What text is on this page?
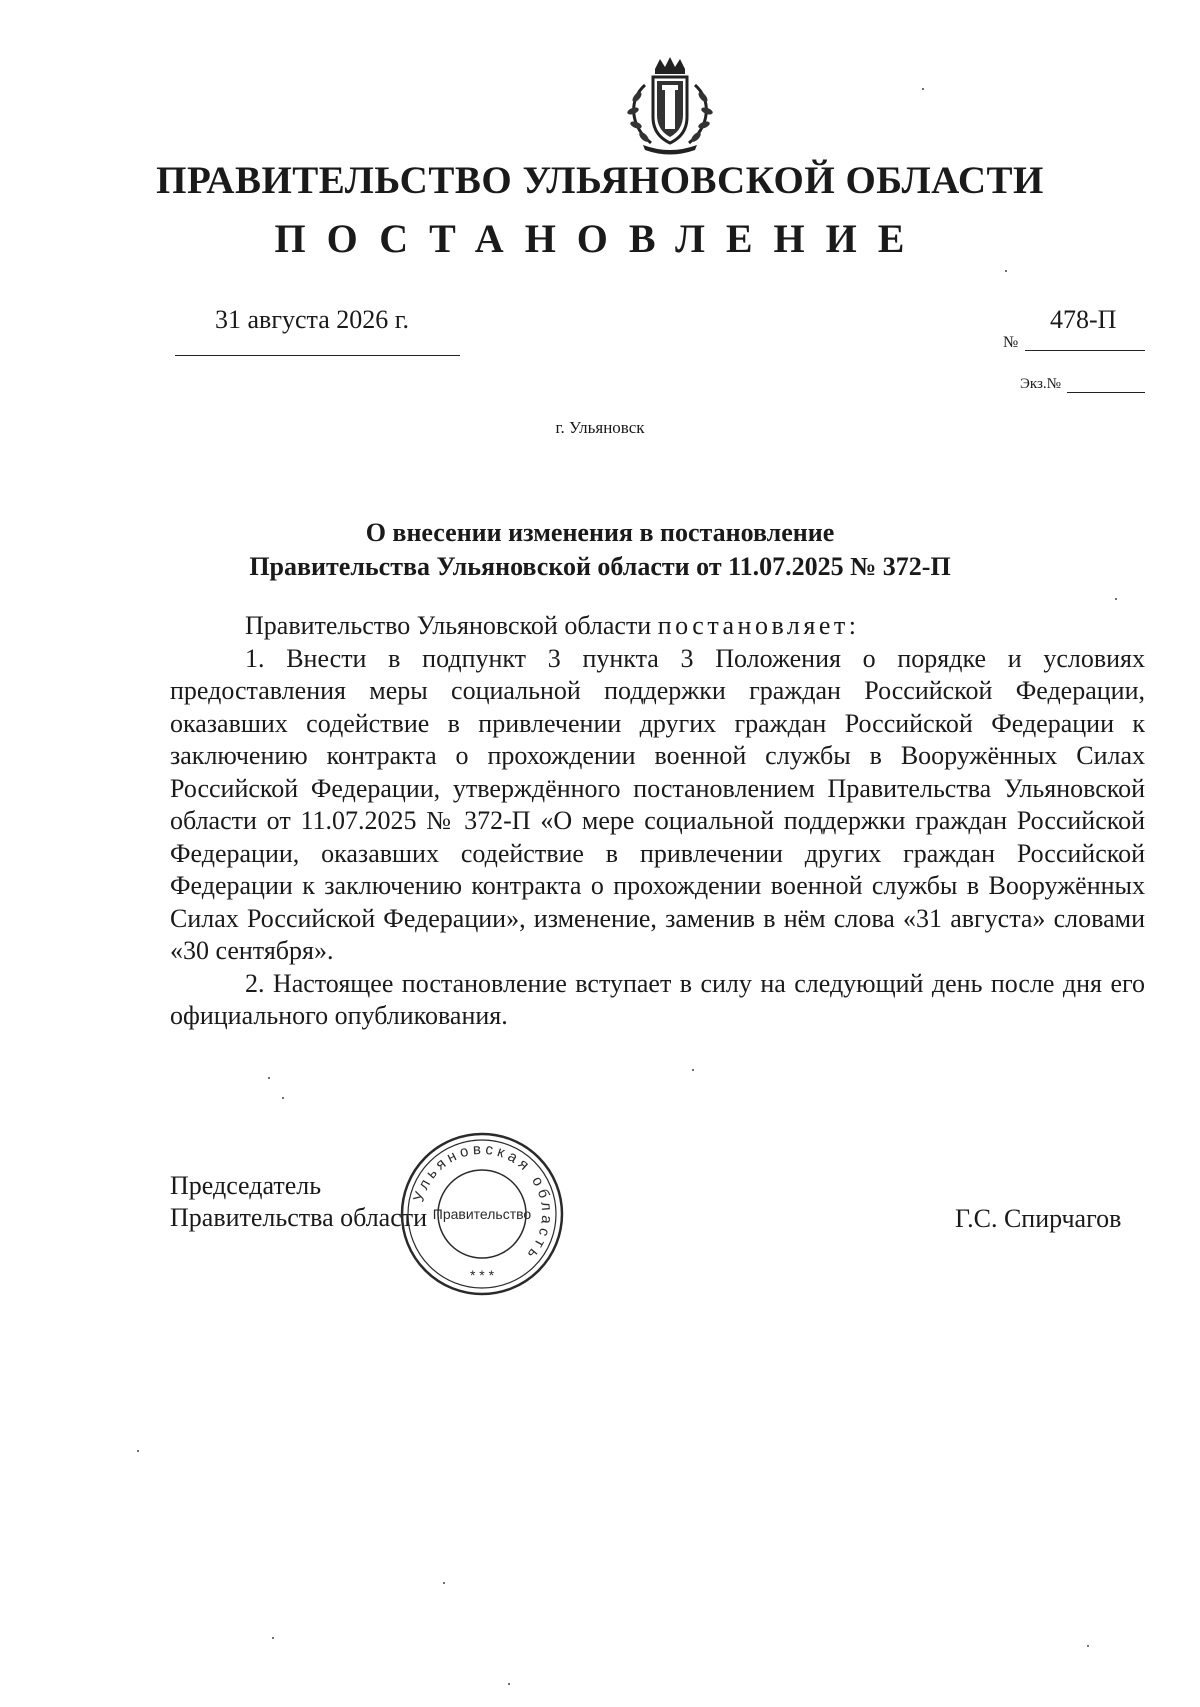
ПРАВИТЕЛЬСТВО УЛЬЯНОВСКОЙ ОБЛАСТИ
ПОСТАНОВЛЕНИЕ
31 августа 2026 г.
№
478-П
Экз.№
г. Ульяновск
О внесении изменения в постановление
Правительства Ульяновской области от 11.07.2025 № 372-П

Правительство Ульяновской области постановляет:

1. Внести в подпункт 3 пункта 3 Положения о порядке и условиях предоставления меры социальной поддержки граждан Российской Федерации, оказавших содействие в привлечении других граждан Российской Федерации к заключению контракта о прохождении военной службы в Вооружённых Силах Российской Федерации, утверждённого постановлением Правительства Ульяновской области от 11.07.2025 № 372-П «О мере социальной поддержки граждан Российской Федерации, оказавших содействие в привлечении других граждан Российской Федерации к заключению контракта о прохождении военной службы в Вооружённых Силах Российской Федерации», изменение, заменив в нём слова «31 августа» словами «30 сентября».

2. Настоящее постановление вступает в силу на следующий день после дня его официального опубликования.

Председатель
Правительства области	Г.С. Спирчагов
Ульяновская область
Правительство
* * *
